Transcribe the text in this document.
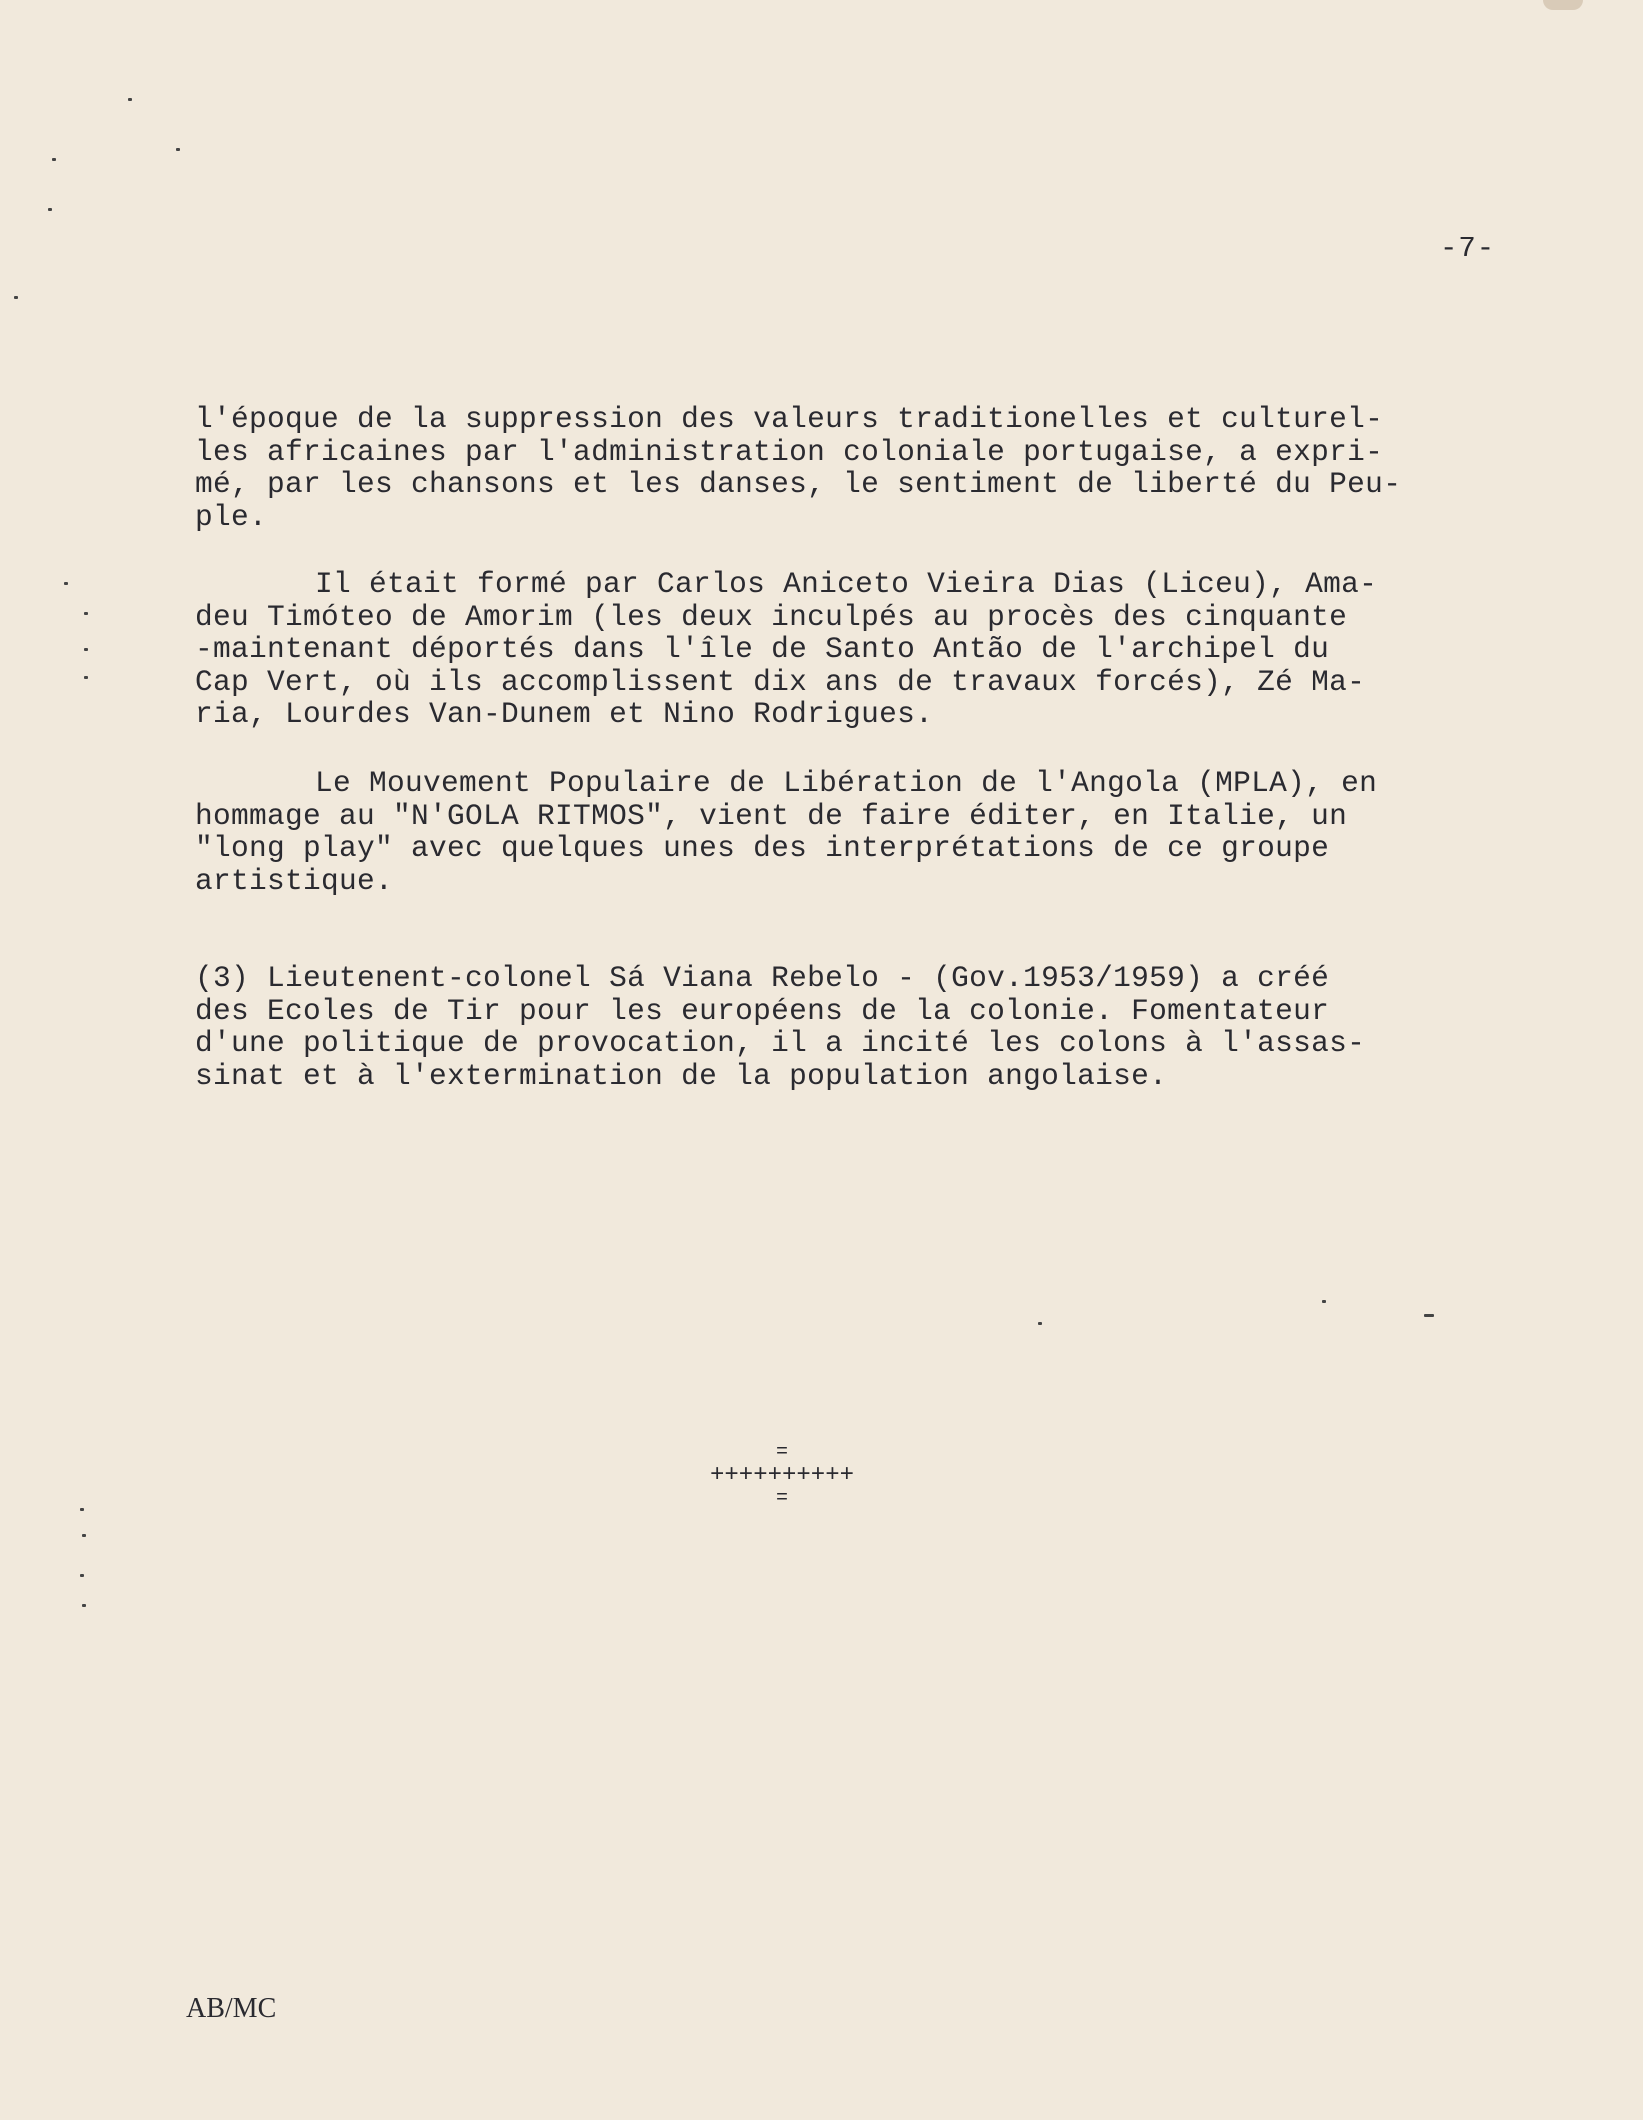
-7-
l'époque de la suppression des valeurs traditionelles et culturel-
les africaines par l'administration coloniale portugaise, a expri-
mé, par les chansons et les danses, le sentiment de liberté du Peu-
ple.
Il était formé par Carlos Aniceto Vieira Dias (Liceu), Ama-
deu Timóteo de Amorim (les deux inculpés au procès des cinquante
-maintenant déportés dans l'île de Santo Antão de l'archipel du
Cap Vert, où ils accomplissent dix ans de travaux forcés), Zé Ma-
ria, Lourdes Van-Dunem et Nino Rodrigues.
Le Mouvement Populaire de Libération de l'Angola (MPLA), en
hommage au "N'GOLA RITMOS", vient de faire éditer, en Italie, un
"long play" avec quelques unes des interprétations de ce groupe
artistique.
(3) Lieutenent-colonel Sá Viana Rebelo - (Gov.1953/1959) a créé
des Ecoles de Tir pour les européens de la colonie. Fomentateur
d'une politique de provocation, il a incité les colons à l'assas-
sinat et à l'extermination de la population angolaise.
=
++++++++++
=
AB/MC
